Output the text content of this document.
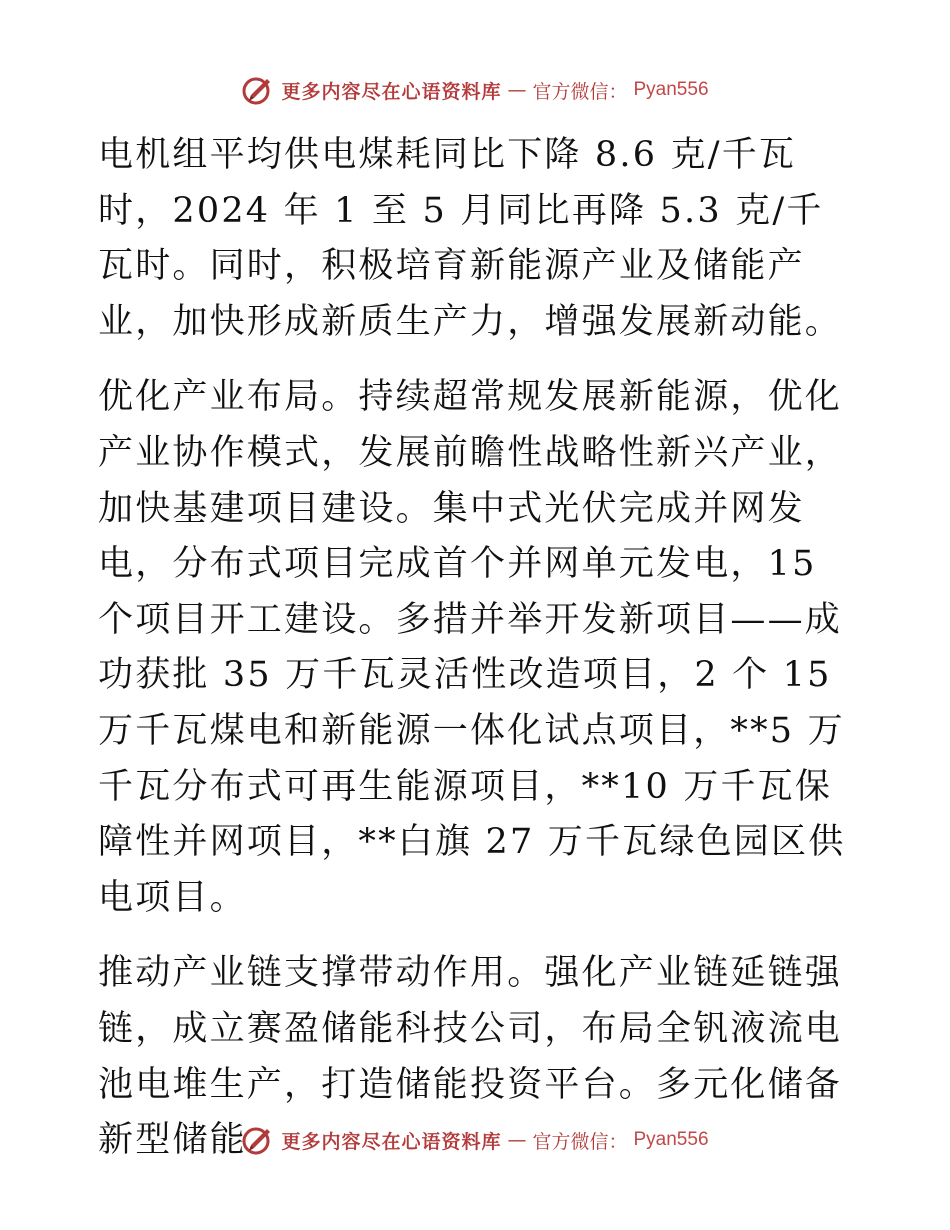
更多内容尽在心语资料库 — 官方微信： Pyan556

电机组平均供电煤耗同比下降 8.6 克/千瓦时，2024 年 1 至 5 月同比再降 5.3 克/千瓦时。同时，积极培育新能源产业及储能产业，加快形成新质生产力，增强发展新动能。

优化产业布局。持续超常规发展新能源，优化产业协作模式，发展前瞻性战略性新兴产业，加快基建项目建设。集中式光伏完成并网发电，分布式项目完成首个并网单元发电，15 个项目开工建设。多措并举开发新项目——成功获批 35 万千瓦灵活性改造项目，2 个 15 万千瓦煤电和新能源一体化试点项目，**5 万千瓦分布式可再生能源项目，**10 万千瓦保障性并网项目，**白旗 27 万千瓦绿色园区供电项目。

推动产业链支撑带动作用。强化产业链延链强链，成立赛盈储能科技公司，布局全钒液流电池电堆生产，打造储能投资平台。多元化储备新型储能	更多内容尽在心语资料库 — 官方微信： Pyan556
